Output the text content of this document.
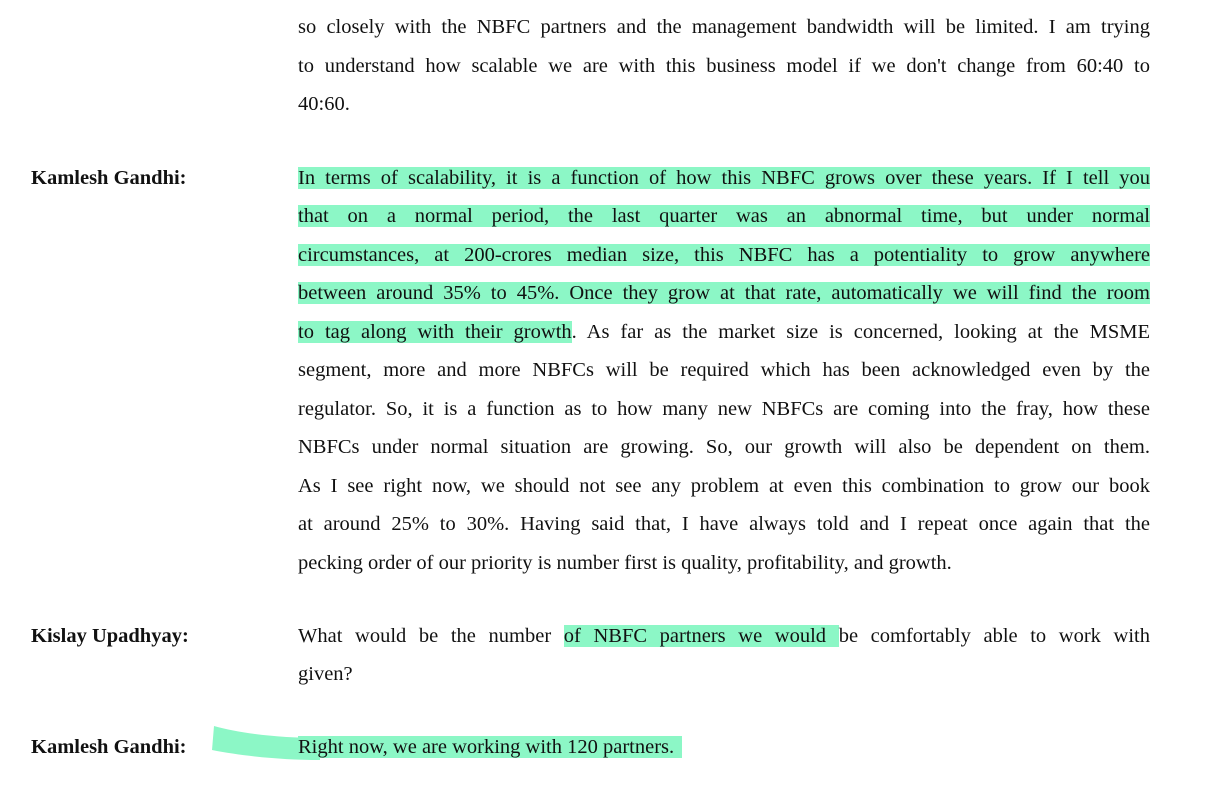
so closely with the NBFC partners and the management bandwidth will be limited. I am trying
to understand how scalable we are with this business model if we don't change from 60:40 to
40:60.
Kamlesh Gandhi:	In terms of scalability, it is a function of how this NBFC grows over these years. If I tell you
that on a normal period, the last quarter was an abnormal time, but under normal
circumstances, at 200-crores median size, this NBFC has a potentiality to grow anywhere
between around 35% to 45%. Once they grow at that rate, automatically we will find the room
to tag along with their growth. As far as the market size is concerned, looking at the MSME
segment, more and more NBFCs will be required which has been acknowledged even by the
regulator. So, it is a function as to how many new NBFCs are coming into the fray, how these
NBFCs under normal situation are growing. So, our growth will also be dependent on them.
As I see right now, we should not see any problem at even this combination to grow our book
at around 25% to 30%. Having said that, I have always told and I repeat once again that the
pecking order of our priority is number first is quality, profitability, and growth.
Kislay Upadhyay:	What would be the number of NBFC partners we would be comfortably able to work with
given?
Kamlesh Gandhi:	Right now, we are working with 120 partners.
